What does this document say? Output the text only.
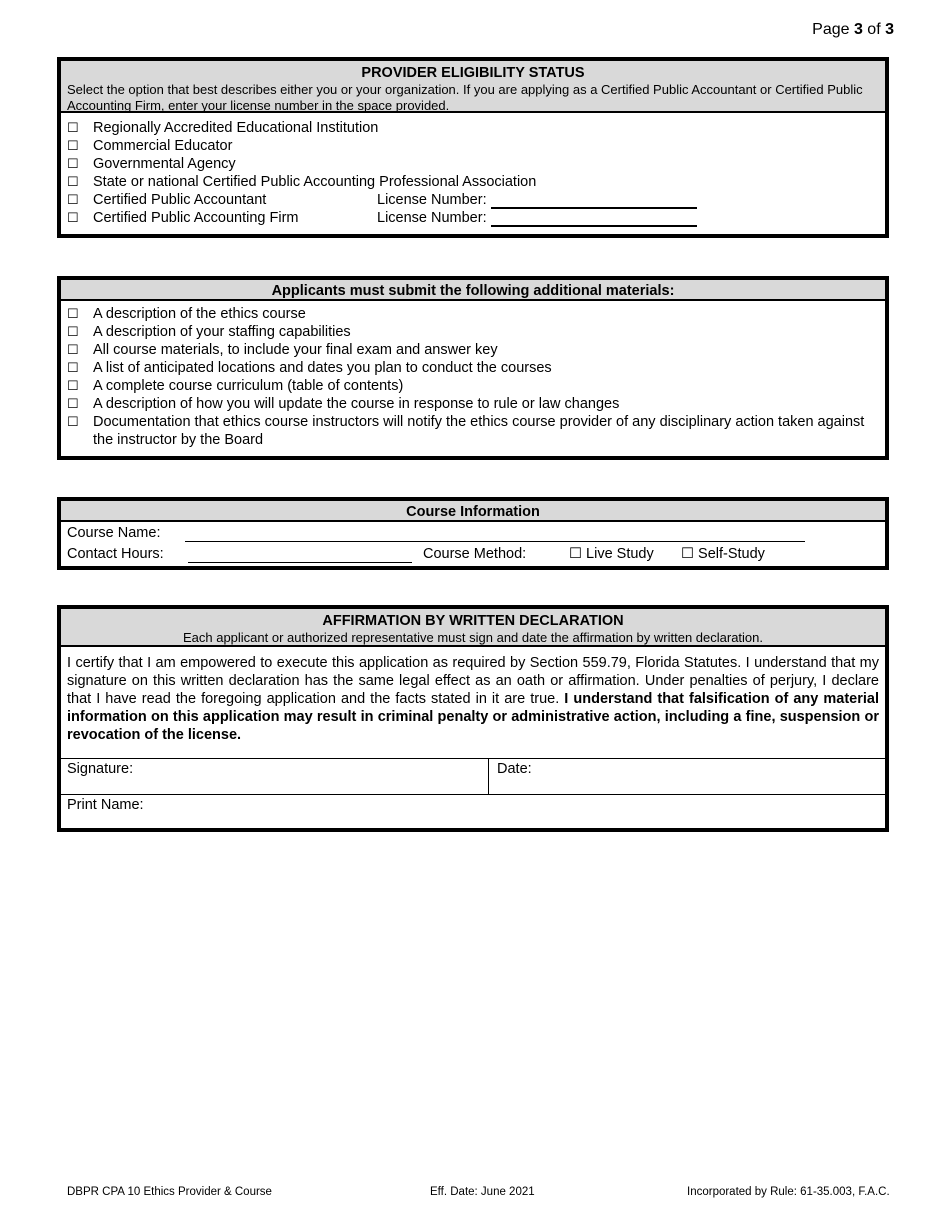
Page 3 of 3
PROVIDER ELIGIBILITY STATUS
Select the option that best describes either you or your organization. If you are applying as a Certified Public Accountant or Certified Public Accounting Firm, enter your license number in the space provided.
☐ Regionally Accredited Educational Institution
☐ Commercial Educator
☐ Governmental Agency
☐ State or national Certified Public Accounting Professional Association
☐ Certified Public Accountant	License Number:
☐ Certified Public Accounting Firm	License Number:
Applicants must submit the following additional materials:
☐ A description of the ethics course
☐ A description of your staffing capabilities
☐ All course materials, to include your final exam and answer key
☐ A list of anticipated locations and dates you plan to conduct the courses
☐ A complete course curriculum (table of contents)
☐ A description of how you will update the course in response to rule or law changes
☐ Documentation that ethics course instructors will notify the ethics course provider of any disciplinary action taken against the instructor by the Board
Course Information
Course Name:
Contact Hours:	Course Method:	☐ Live Study ☐ Self-Study
AFFIRMATION BY WRITTEN DECLARATION
Each applicant or authorized representative must sign and date the affirmation by written declaration.
I certify that I am empowered to execute this application as required by Section 559.79, Florida Statutes. I understand that my signature on this written declaration has the same legal effect as an oath or affirmation. Under penalties of perjury, I declare that I have read the foregoing application and the facts stated in it are true. I understand that falsification of any material information on this application may result in criminal penalty or administrative action, including a fine, suspension or revocation of the license.
Signature:	Date:
Print Name:
DBPR CPA 10 Ethics Provider & Course	Eff. Date: June 2021	Incorporated by Rule: 61-35.003, F.A.C.
